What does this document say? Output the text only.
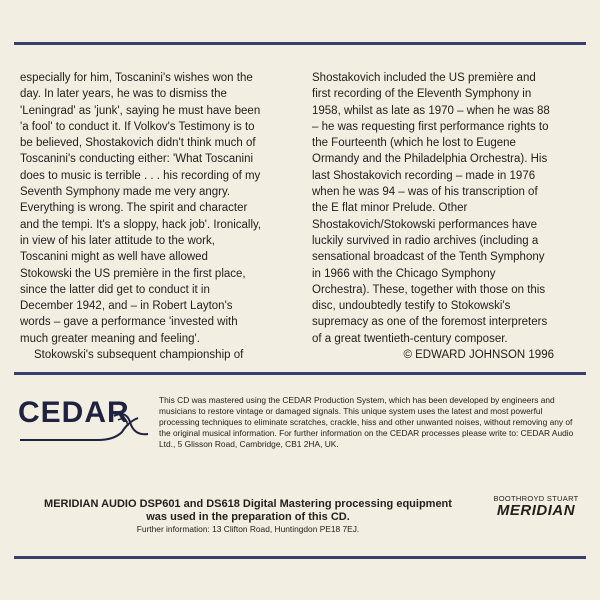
especially for him, Toscanini's wishes won the day. In later years, he was to dismiss the 'Leningrad' as 'junk', saying he must have been 'a fool' to conduct it. If Volkov's Testimony is to be believed, Shostakovich didn't think much of Toscanini's conducting either: 'What Toscanini does to music is terrible . . . his recording of my Seventh Symphony made me very angry. Everything is wrong. The spirit and character and the tempi. It's a sloppy, hack job'. Ironically, in view of his later attitude to the work, Toscanini might as well have allowed Stokowski the US première in the first place, since the latter did get to conduct it in December 1942, and – in Robert Layton's words – gave a performance 'invested with much greater meaning and feeling'.

Stokowski's subsequent championship of

Shostakovich included the US première and first recording of the Eleventh Symphony in 1958, whilst as late as 1970 – when he was 88 – he was requesting first performance rights to the Fourteenth (which he lost to Eugene Ormandy and the Philadelphia Orchestra). His last Shostakovich recording – made in 1976 when he was 94 – was of his transcription of the E flat minor Prelude. Other Shostakovich/Stokowski performances have luckily survived in radio archives (including a sensational broadcast of the Tenth Symphony in 1966 with the Chicago Symphony Orchestra). These, together with those on this disc, undoubtedly testify to Stokowski's supremacy as one of the foremost interpreters of a great twentieth-century composer.

© EDWARD JOHNSON 1996

CEDAR	This CD was mastered using the CEDAR Production System, which has been developed by engineers and musicians to restore vintage or damaged signals. This unique system uses the latest and most powerful processing techniques to eliminate scratches, crackle, hiss and other unwanted noises, without removing any of the original musical information. For further information on the CEDAR processes please write to: CEDAR Audio Ltd., 5 Glisson Road, Cambridge, CB1 2HA, UK.
MERIDIAN AUDIO DSP601 and DS618 Digital Mastering processing equipment
was used in the preparation of this CD.
Further information: 13 Clifton Road, Huntingdon PE18 7EJ.
BOOTHROYD STUART
MERIDIAN
